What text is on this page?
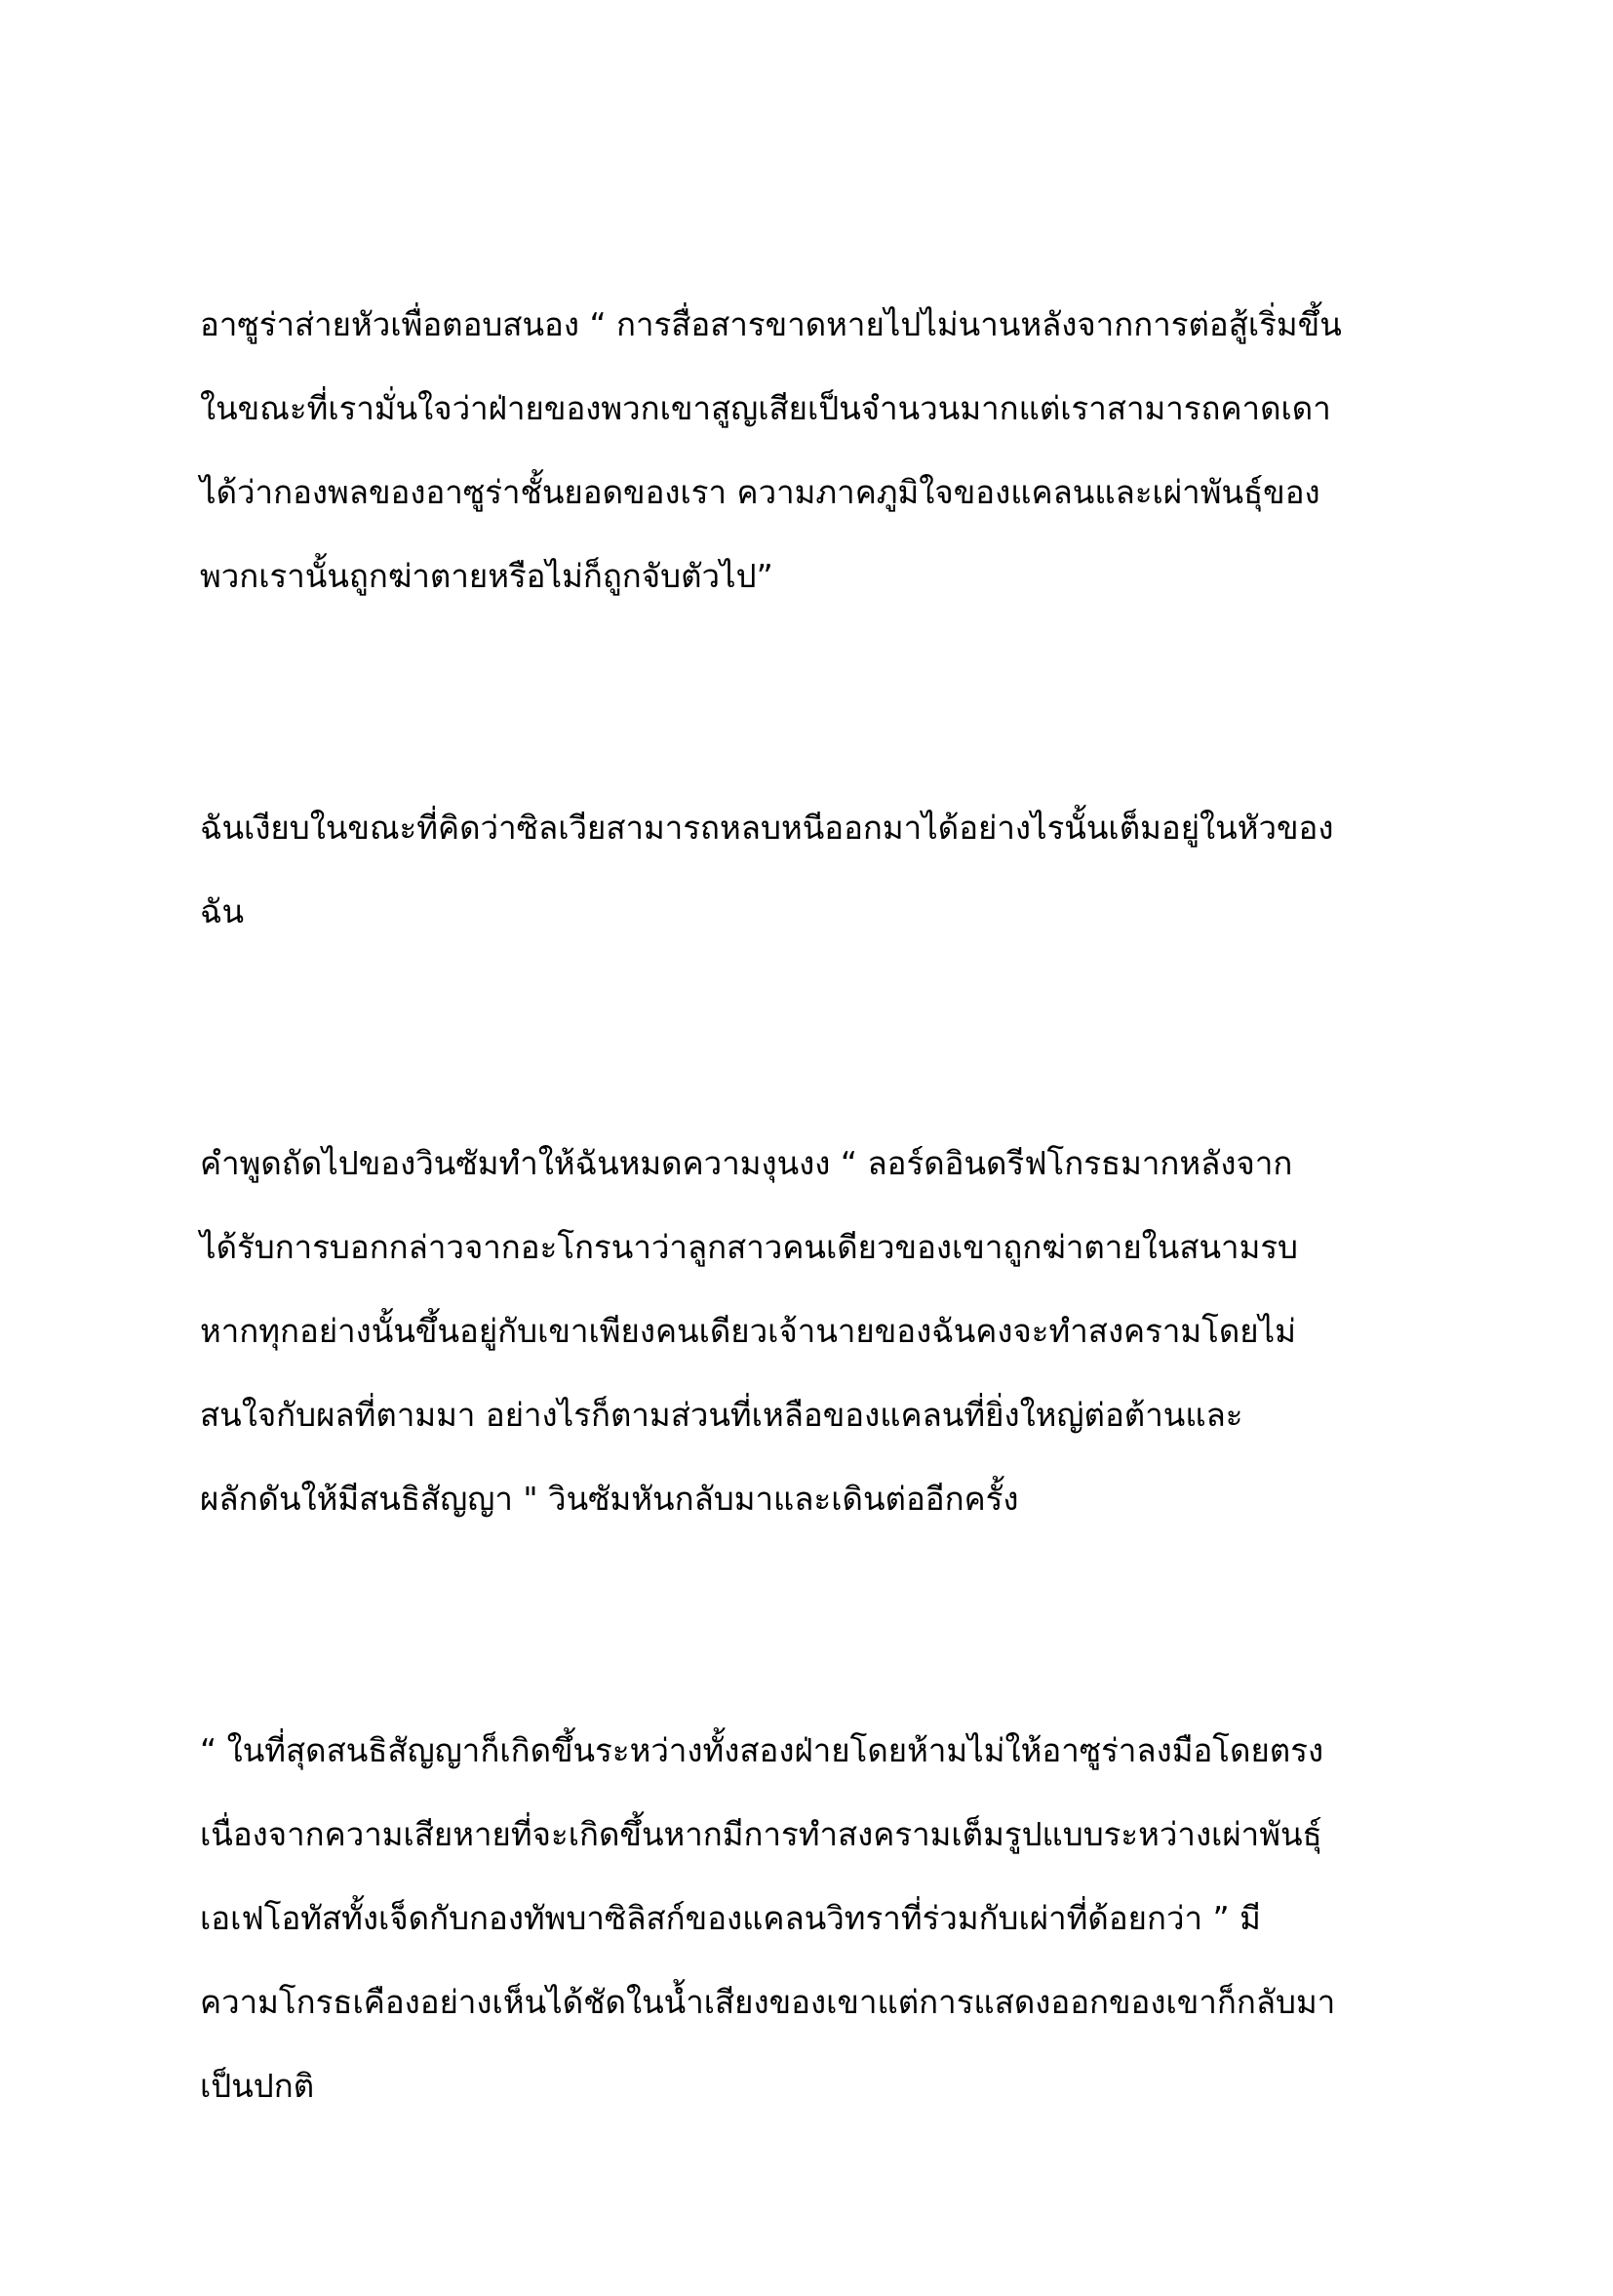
อาซูร่าส่ายหัวเพื่อตอบสนอง “ การสื่อสารขาดหายไปไม่นานหลังจากการต่อสู้เริ่มขึ้น
ในขณะที่เรามั่นใจว่าฝ่ายของพวกเขาสูญเสียเป็นจำนวนมากแต่เราสามารถคาดเดา
ได้ว่ากองพลของอาซูร่าชั้นยอดของเรา ความภาคภูมิใจของแคลนและเผ่าพันธุ์ของ
พวกเรานั้นถูกฆ่าตายหรือไม่ก็ถูกจับตัวไป”

ฉันเงียบในขณะที่คิดว่าซิลเวียสามารถหลบหนีออกมาได้อย่างไรนั้นเต็มอยู่ในหัวของ
ฉัน

คำพูดถัดไปของวินซัมทำให้ฉันหมดความงุนงง “ ลอร์ดอินดรีฟโกรธมากหลังจาก
ได้รับการบอกกล่าวจากอะโกรนาว่าลูกสาวคนเดียวของเขาถูกฆ่าตายในสนามรบ
หากทุกอย่างนั้นขึ้นอยู่กับเขาเพียงคนเดียวเจ้านายของฉันคงจะทำสงครามโดยไม่
สนใจกับผลที่ตามมา อย่างไรก็ตามส่วนที่เหลือของแคลนที่ยิ่งใหญ่ต่อต้านและ
ผลักดันให้มีสนธิสัญญา " วินซัมหันกลับมาและเดินต่ออีกครั้ง

“ ในที่สุดสนธิสัญญาก็เกิดขึ้นระหว่างทั้งสองฝ่ายโดยห้ามไม่ให้อาซูร่าลงมือโดยตรง
เนื่องจากความเสียหายที่จะเกิดขึ้นหากมีการทำสงครามเต็มรูปแบบระหว่างเผ่าพันธุ์
เอเฟโอทัสทั้งเจ็ดกับกองทัพบาซิลิสก์ของแคลนวิทราที่ร่วมกับเผ่าที่ด้อยกว่า ” มี
ความโกรธเคืองอย่างเห็นได้ชัดในน้ำเสียงของเขาแต่การแสดงออกของเขาก็กลับมา
เป็นปกติ
